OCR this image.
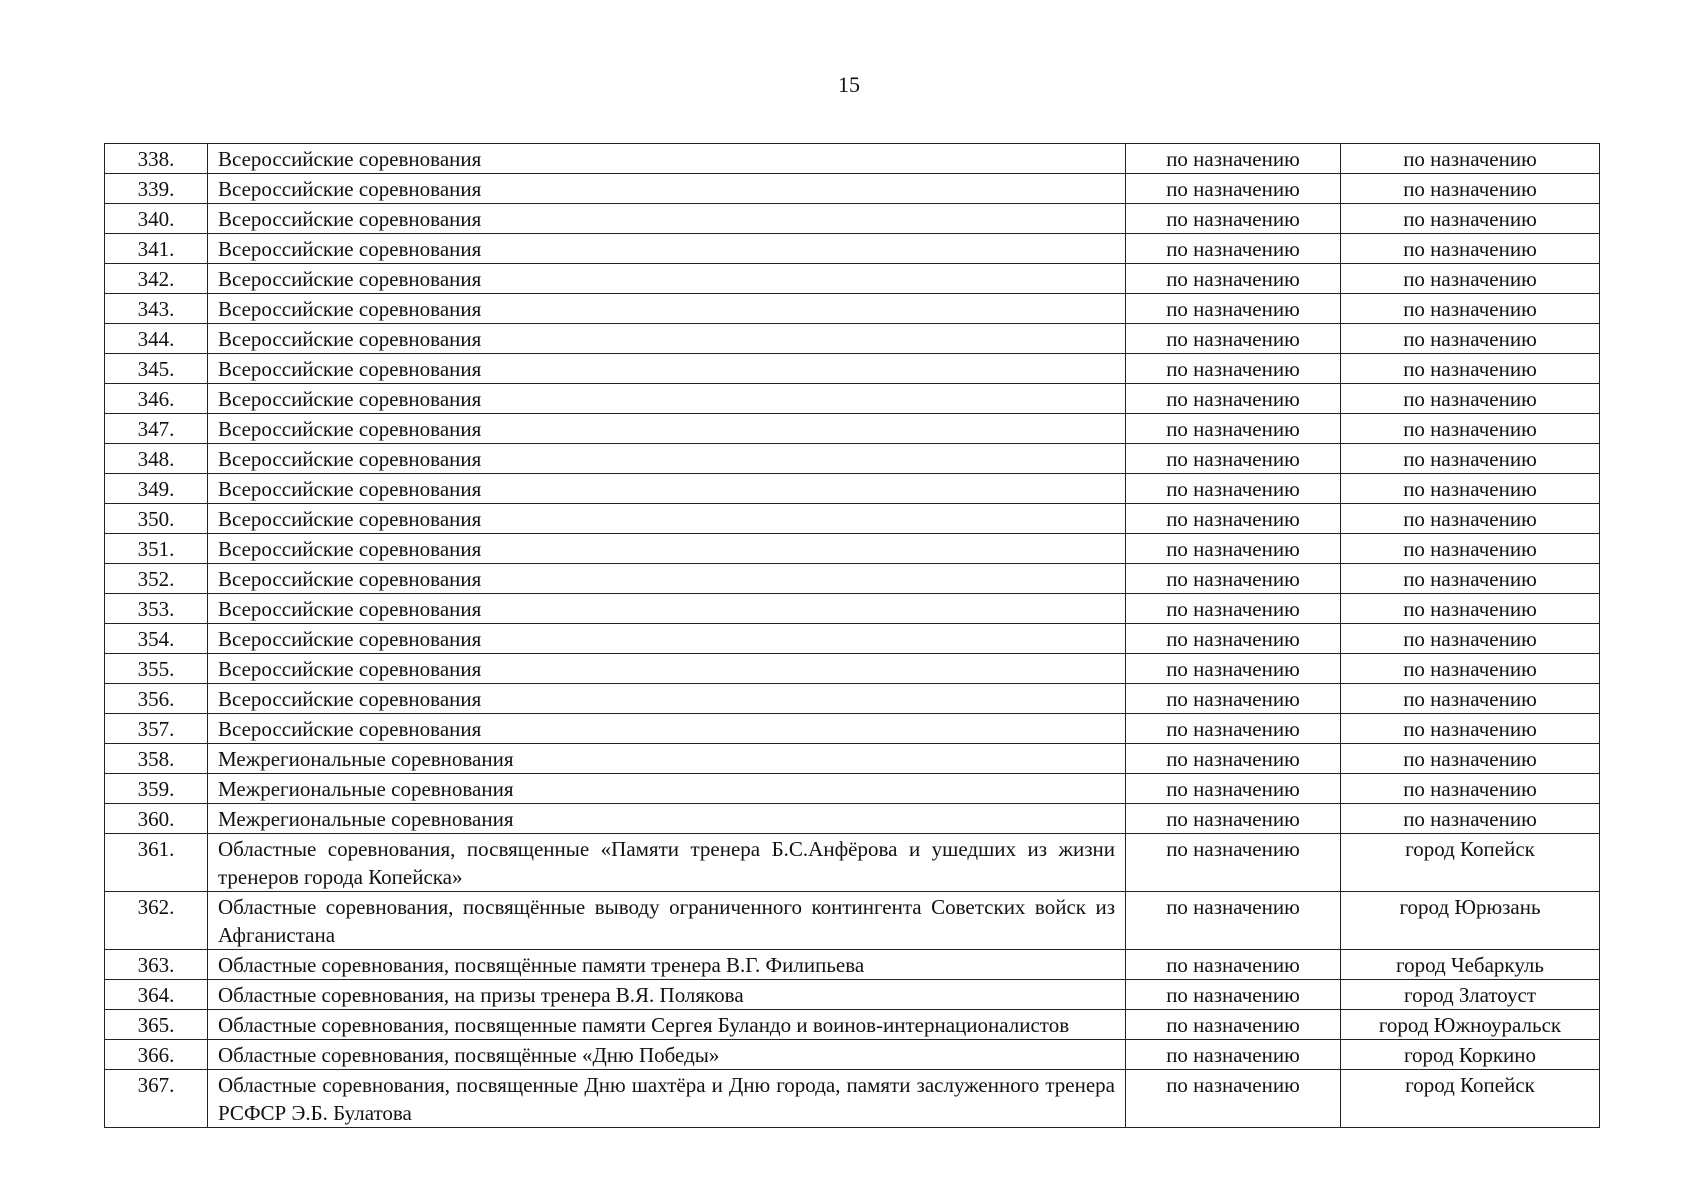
15
338.	Всероссийские соревнования	по назначению	по назначению
339.	Всероссийские соревнования	по назначению	по назначению
340.	Всероссийские соревнования	по назначению	по назначению
341.	Всероссийские соревнования	по назначению	по назначению
342.	Всероссийские соревнования	по назначению	по назначению
343.	Всероссийские соревнования	по назначению	по назначению
344.	Всероссийские соревнования	по назначению	по назначению
345.	Всероссийские соревнования	по назначению	по назначению
346.	Всероссийские соревнования	по назначению	по назначению
347.	Всероссийские соревнования	по назначению	по назначению
348.	Всероссийские соревнования	по назначению	по назначению
349.	Всероссийские соревнования	по назначению	по назначению
350.	Всероссийские соревнования	по назначению	по назначению
351.	Всероссийские соревнования	по назначению	по назначению
352.	Всероссийские соревнования	по назначению	по назначению
353.	Всероссийские соревнования	по назначению	по назначению
354.	Всероссийские соревнования	по назначению	по назначению
355.	Всероссийские соревнования	по назначению	по назначению
356.	Всероссийские соревнования	по назначению	по назначению
357.	Всероссийские соревнования	по назначению	по назначению
358.	Межрегиональные соревнования	по назначению	по назначению
359.	Межрегиональные соревнования	по назначению	по назначению
360.	Межрегиональные соревнования	по назначению	по назначению
361.	Областные соревнования, посвященные «Памяти тренера Б.С.Анфёрова и ушедших из жизни тренеров города Копейска»	по назначению	город Копейск
362.	Областные соревнования, посвящённые выводу ограниченного контингента Советских войск из Афганистана	по назначению	город Юрюзань
363.	Областные соревнования, посвящённые памяти тренера В.Г. Филипьева	по назначению	город Чебаркуль
364.	Областные соревнования, на призы тренера В.Я. Полякова	по назначению	город Златоуст
365.	Областные соревнования, посвященные памяти Сергея Буландо и воинов-интернационалистов	по назначению	город Южноуральск
366.	Областные соревнования, посвящённые «Дню Победы»	по назначению	город Коркино
367.	Областные соревнования, посвященные Дню шахтёра и Дню города, памяти заслуженного тренера РСФСР Э.Б. Булатова	по назначению	город Копейск
